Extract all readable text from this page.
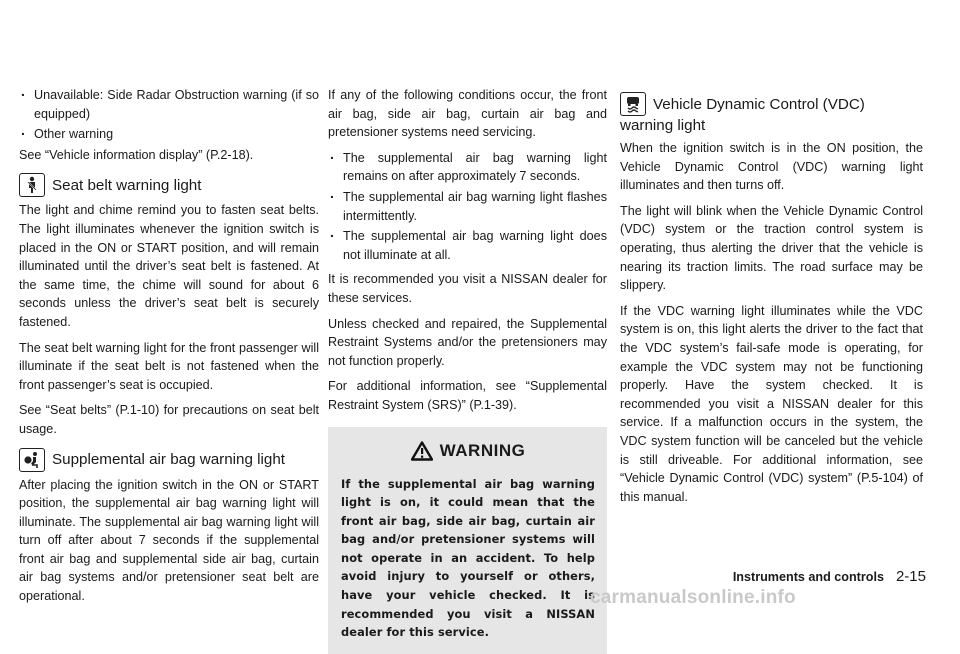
. Unavailable: Side Radar Obstruction warning (if so equipped)
. Other warning

See “Vehicle information display” (P.2-18).

Seat belt warning light

The light and chime remind you to fasten seat belts. The light illuminates whenever the ignition switch is placed in the ON or START position, and will remain illuminated until the driver’s seat belt is fastened. At the same time, the chime will sound for about 6 seconds unless the driver’s seat belt is securely fastened.

The seat belt warning light for the front passenger will illuminate if the seat belt is not fastened when the front passenger’s seat is occupied.

See “Seat belts” (P.1-10) for precautions on seat belt usage.

Supplemental air bag warning light

After placing the ignition switch in the ON or START position, the supplemental air bag warning light will illuminate. The supplemental air bag warning light will turn off after about 7 seconds if the supplemental front air bag and supplemental side air bag, curtain air bag systems and/or pretensioner seat belt are operational.

If any of the following conditions occur, the front air bag, side air bag, curtain air bag and pretensioner systems need servicing.

. The supplemental air bag warning light remains on after approximately 7 seconds.
. The supplemental air bag warning light flashes intermittently.
. The supplemental air bag warning light does not illuminate at all.

It is recommended you visit a NISSAN dealer for these services.

Unless checked and repaired, the Supplemental Restraint Systems and/or the pretensioners may not function properly.

For additional information, see “Supplemental Restraint System (SRS)” (P.1-39).

WARNING
If the supplemental air bag warning light is on, it could mean that the front air bag, side air bag, curtain air bag and/or pretensioner systems will not operate in an accident. To help avoid injury to yourself or others, have your vehicle checked. It is recommended you visit a NISSAN dealer for this service.
Vehicle Dynamic Control (VDC)
warning light

When the ignition switch is in the ON position, the Vehicle Dynamic Control (VDC) warning light illuminates and then turns off.

The light will blink when the Vehicle Dynamic Control (VDC) system or the traction control system is operating, thus alerting the driver that the vehicle is nearing its traction limits. The road surface may be slippery.

If the VDC warning light illuminates while the VDC system is on, this light alerts the driver to the fact that the VDC system’s fail-safe mode is operating, for example the VDC system may not be functioning properly. Have the system checked. It is recommended you visit a NISSAN dealer for this service. If a malfunction occurs in the system, the VDC system function will be canceled but the vehicle is still driveable. For additional information, see “Vehicle Dynamic Control (VDC) system” (P.5-104) of this manual.

Instruments and controls 2-15
carmanualsonline.info
